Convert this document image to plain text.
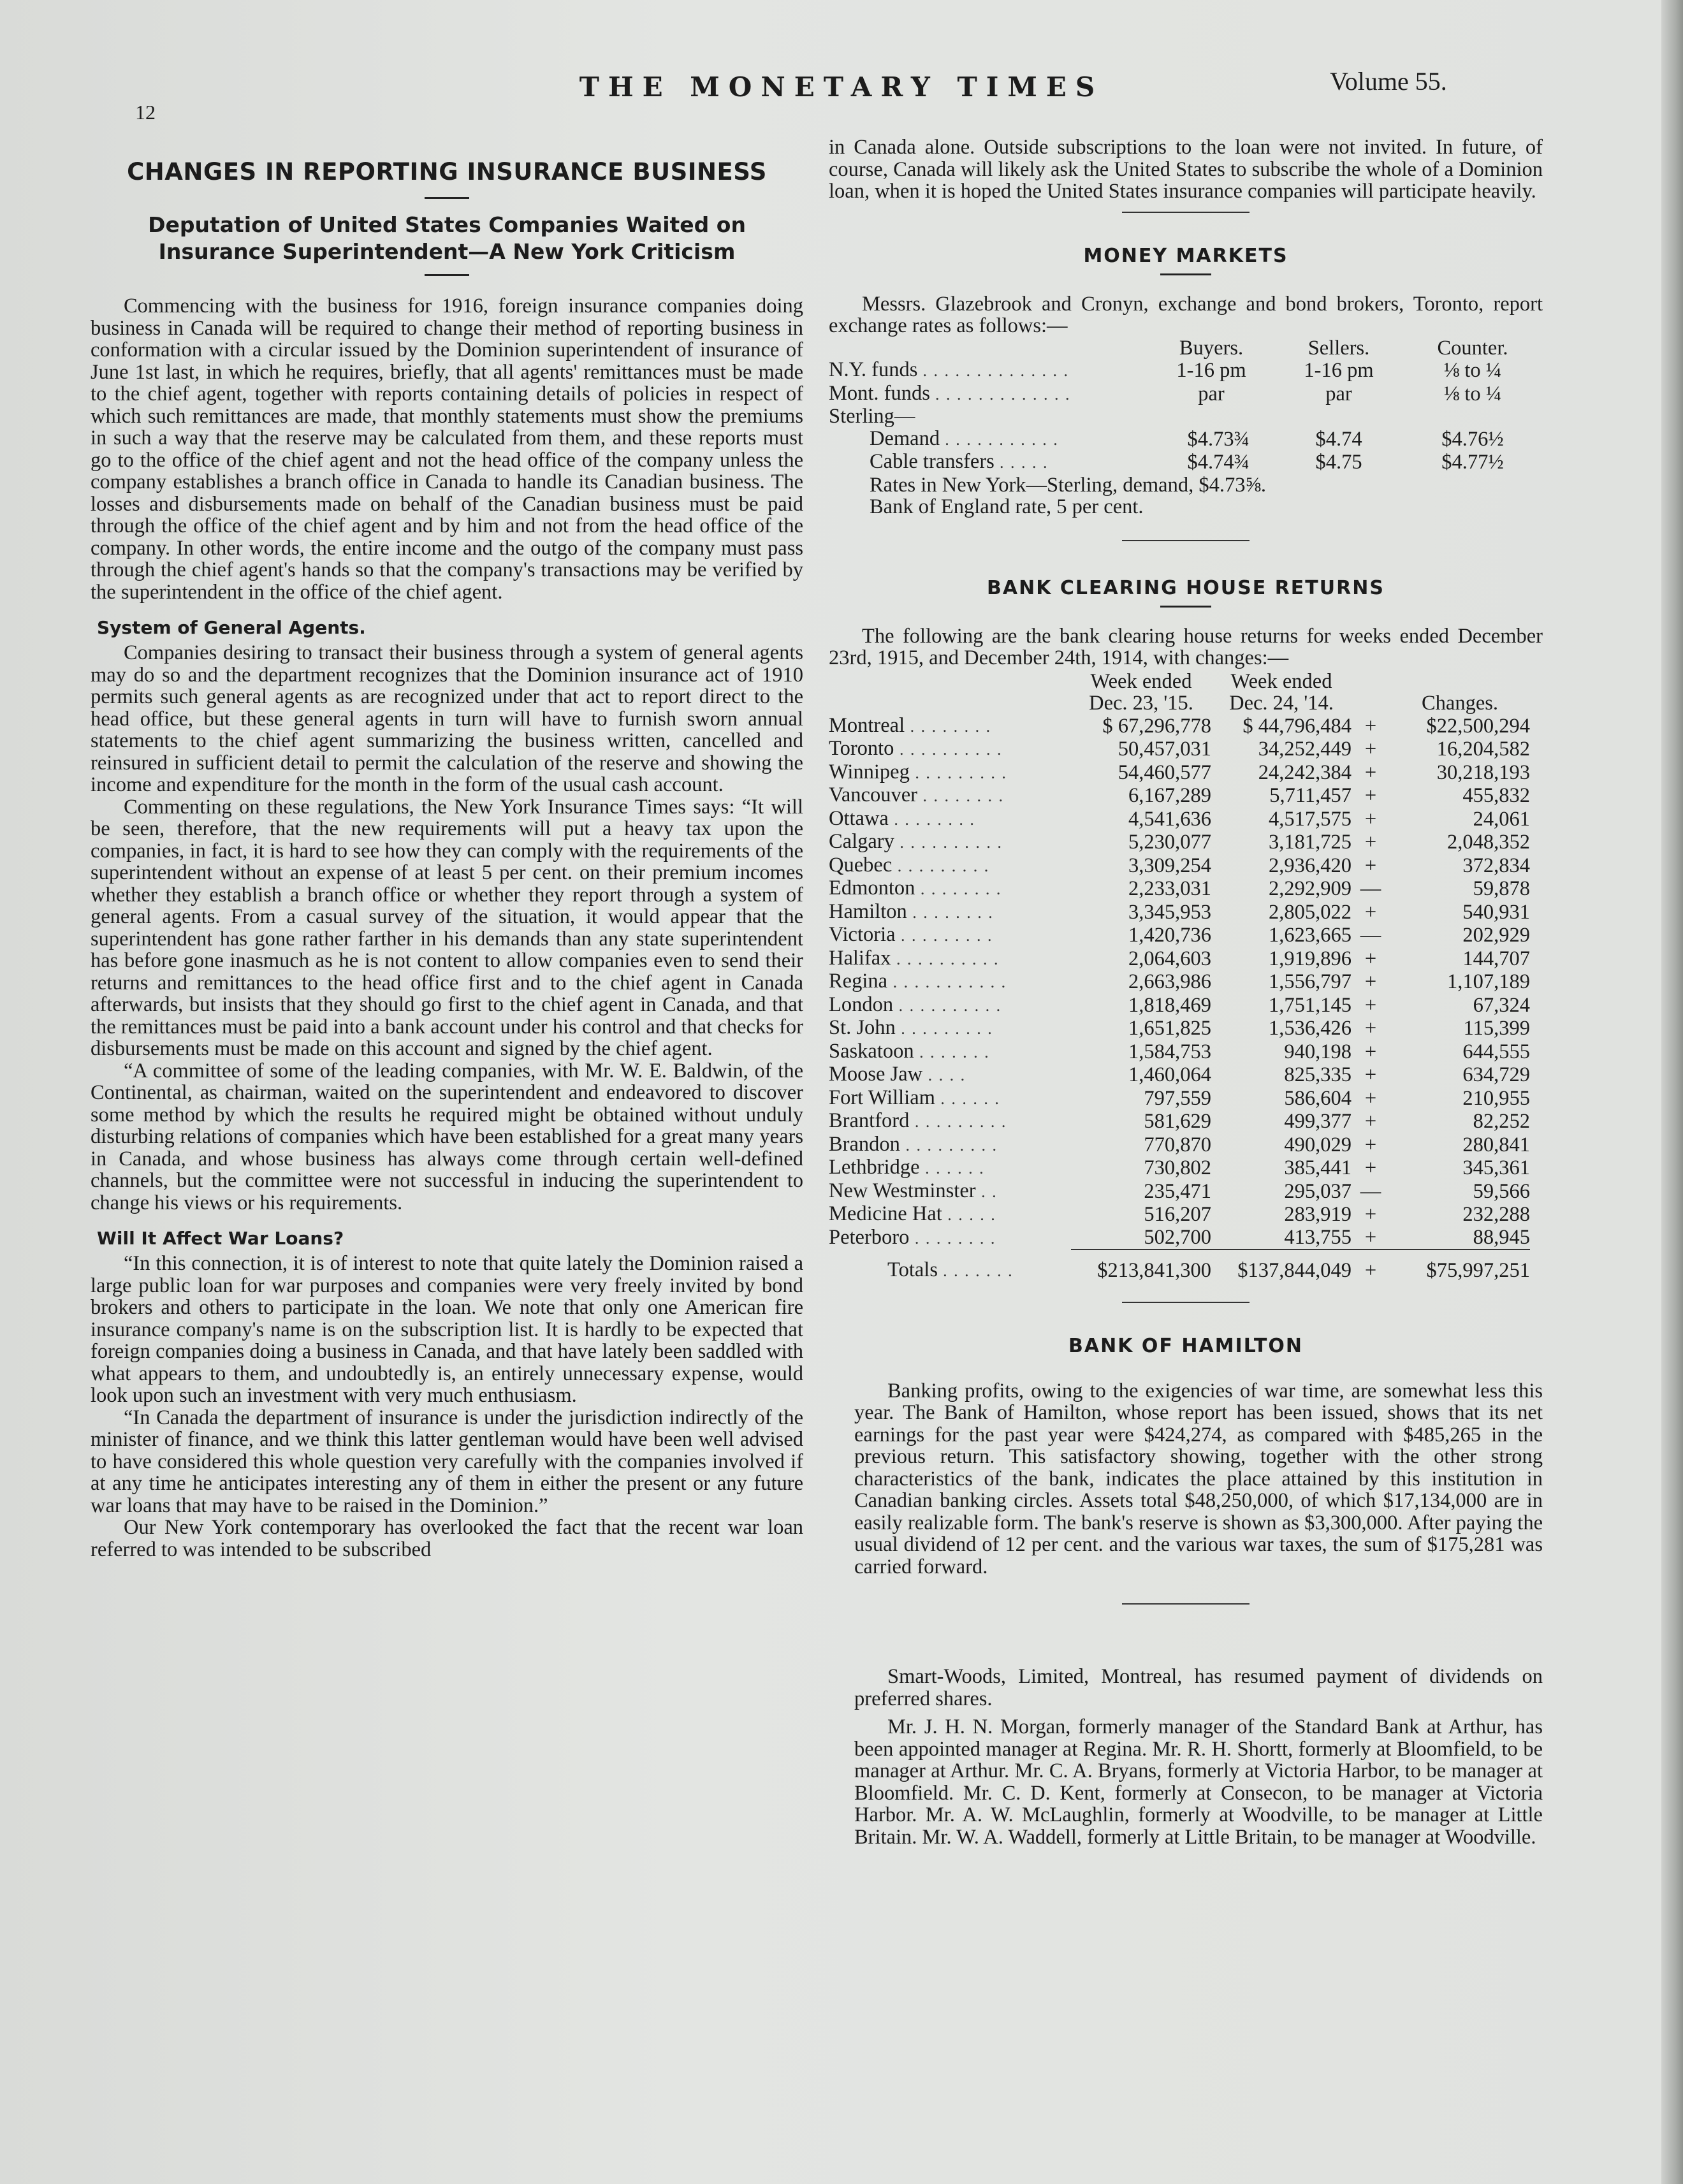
12
THE MONETARY TIMES	Volume 55.
CHANGES IN REPORTING INSURANCE BUSINESS
Deputation of United States Companies Waited on Insurance Superintendent—A New York Criticism

Commencing with the business for 1916, foreign insurance companies doing business in Canada will be required to change their method of reporting business in conformation with a circular issued by the Dominion superintendent of insurance of June 1st last, in which he requires, briefly, that all agents' remittances must be made to the chief agent, together with reports containing details of policies in respect of which such remittances are made, that monthly statements must show the premiums in such a way that the reserve may be calculated from them, and these reports must go to the office of the chief agent and not the head office of the company unless the company establishes a branch office in Canada to handle its Canadian business. The losses and disbursements made on behalf of the Canadian business must be paid through the office of the chief agent and by him and not from the head office of the company. In other words, the entire income and the outgo of the company must pass through the chief agent's hands so that the company's transactions may be verified by the superintendent in the office of the chief agent.

System of General Agents.

Companies desiring to transact their business through a system of general agents may do so and the department recognizes that the Dominion insurance act of 1910 permits such general agents as are recognized under that act to report direct to the head office, but these general agents in turn will have to furnish sworn annual statements to the chief agent summarizing the business written, cancelled and reinsured in sufficient detail to permit the calculation of the reserve and showing the income and expenditure for the month in the form of the usual cash account.

Commenting on these regulations, the New York Insurance Times says: “It will be seen, therefore, that the new requirements will put a heavy tax upon the companies, in fact, it is hard to see how they can comply with the requirements of the superintendent without an expense of at least 5 per cent. on their premium incomes whether they establish a branch office or whether they report through a system of general agents. From a casual survey of the situation, it would appear that the superintendent has gone rather farther in his demands than any state superintendent has before gone inasmuch as he is not content to allow companies even to send their returns and remittances to the head office first and to the chief agent in Canada afterwards, but insists that they should go first to the chief agent in Canada, and that the remittances must be paid into a bank account under his control and that checks for disbursements must be made on this account and signed by the chief agent.

“A committee of some of the leading companies, with Mr. W. E. Baldwin, of the Continental, as chairman, waited on the superintendent and endeavored to discover some method by which the results he required might be obtained without unduly disturbing relations of companies which have been established for a great many years in Canada, and whose business has always come through certain well-defined channels, but the committee were not successful in inducing the superintendent to change his views or his requirements.

Will It Affect War Loans?

“In this connection, it is of interest to note that quite lately the Dominion raised a large public loan for war purposes and companies were very freely invited by bond brokers and others to participate in the loan. We note that only one American fire insurance company's name is on the subscription list. It is hardly to be expected that foreign companies doing a business in Canada, and that have lately been saddled with what appears to them, and undoubtedly is, an entirely unnecessary expense, would look upon such an investment with very much enthusiasm.

“In Canada the department of insurance is under the jurisdiction indirectly of the minister of finance, and we think this latter gentleman would have been well advised to have considered this whole question very carefully with the companies involved if at any time he anticipates interesting any of them in either the present or any future war loans that may have to be raised in the Dominion.”

Our New York contemporary has overlooked the fact that the recent war loan referred to was intended to be subscribed

in Canada alone. Outside subscriptions to the loan were not invited. In future, of course, Canada will likely ask the United States to subscribe the whole of a Dominion loan, when it is hoped the United States insurance companies will participate heavily.

MONEY MARKETS

Messrs. Glazebrook and Cronyn, exchange and bond brokers, Toronto, report exchange rates as follows:—

	Buyers.	Sellers.	Counter.
N.Y. funds . . . . . . . . . . . . . .	1-16 pm	1-16 pm	⅛ to ¼
Mont. funds . . . . . . . . . . . . .	par	par	⅛ to ¼
Sterling—			
Demand . . . . . . . . . . .	$4.73¾	$4.74	$4.76½
Cable transfers . . . . .	$4.74¾	$4.75	$4.77½

Rates in New York—Sterling, demand, $4.73⅝.

Bank of England rate, 5 per cent.

BANK CLEARING HOUSE RETURNS

The following are the bank clearing house returns for weeks ended December 23rd, 1915, and December 24th, 1914, with changes:—

	Week ended	Week ended		
	Dec. 23, '15.	Dec. 24, '14.		Changes.
Montreal . . . . . . . .	$ 67,296,778	$ 44,796,484	+	$22,500,294
Toronto . . . . . . . . . .	50,457,031	34,252,449	+	16,204,582
Winnipeg . . . . . . . . .	54,460,577	24,242,384	+	30,218,193
Vancouver . . . . . . . .	6,167,289	5,711,457	+	455,832
Ottawa . . . . . . . .	4,541,636	4,517,575	+	24,061
Calgary . . . . . . . . . .	5,230,077	3,181,725	+	2,048,352
Quebec . . . . . . . . .	3,309,254	2,936,420	+	372,834
Edmonton . . . . . . . .	2,233,031	2,292,909	—	59,878
Hamilton . . . . . . . .	3,345,953	2,805,022	+	540,931
Victoria . . . . . . . . .	1,420,736	1,623,665	—	202,929
Halifax . . . . . . . . . .	2,064,603	1,919,896	+	144,707
Regina . . . . . . . . . . .	2,663,986	1,556,797	+	1,107,189
London . . . . . . . . . .	1,818,469	1,751,145	+	67,324
St. John . . . . . . . . .	1,651,825	1,536,426	+	115,399
Saskatoon . . . . . . .	1,584,753	940,198	+	644,555
Moose Jaw . . . .	1,460,064	825,335	+	634,729
Fort William . . . . . .	797,559	586,604	+	210,955
Brantford . . . . . . . . .	581,629	499,377	+	82,252
Brandon . . . . . . . . .	770,870	490,029	+	280,841
Lethbridge . . . . . .	730,802	385,441	+	345,361
New Westminster . .	235,471	295,037	—	59,566
Medicine Hat . . . . .	516,207	283,919	+	232,288
Peterboro . . . . . . . .	502,700	413,755	+	88,945

Totals . . . . . . .	$213,841,300	$137,844,049	+	$75,997,251
BANK OF HAMILTON

Banking profits, owing to the exigencies of war time, are somewhat less this year. The Bank of Hamilton, whose report has been issued, shows that its net earnings for the past year were $424,274, as compared with $485,265 in the previous return. This satisfactory showing, together with the other strong characteristics of the bank, indicates the place attained by this institution in Canadian banking circles. Assets total $48,250,000, of which $17,134,000 are in easily realizable form. The bank's reserve is shown as $3,300,000. After paying the usual dividend of 12 per cent. and the various war taxes, the sum of $175,281 was carried forward.

Smart-Woods, Limited, Montreal, has resumed payment of dividends on preferred shares.

Mr. J. H. N. Morgan, formerly manager of the Standard Bank at Arthur, has been appointed manager at Regina. Mr. R. H. Shortt, formerly at Bloomfield, to be manager at Arthur. Mr. C. A. Bryans, formerly at Victoria Harbor, to be manager at Bloomfield. Mr. C. D. Kent, formerly at Consecon, to be manager at Victoria Harbor. Mr. A. W. McLaughlin, formerly at Woodville, to be manager at Little Britain. Mr. W. A. Waddell, formerly at Little Britain, to be manager at Woodville.
